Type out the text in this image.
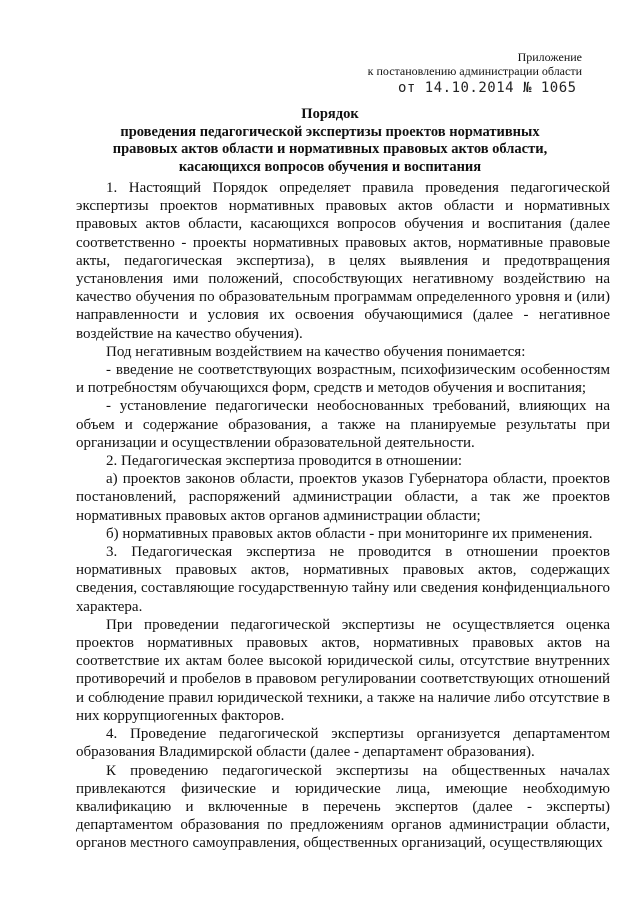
Приложение
к постановлению администрации области
от 14.10.2014 № 1065
Порядок
проведения педагогической экспертизы проектов нормативных
правовых актов области и нормативных правовых актов области,
касающихся вопросов обучения и воспитания

1. Настоящий Порядок определяет правила проведения педагогической экспертизы проектов нормативных правовых актов области и нормативных правовых актов области, касающихся вопросов обучения и воспитания (далее соответственно - проекты нормативных правовых актов, нормативные правовые акты, педагогическая экспертиза), в целях выявления и предотвращения установления ими положений, способствующих негативному воздействию на качество обучения по образовательным программам определенного уровня и (или) направленности и условия их освоения обучающимися (далее - негативное воздействие на качество обучения).

Под негативным воздействием на качество обучения понимается:

- введение не соответствующих возрастным, психофизическим особенностям и потребностям обучающихся форм, средств и методов обучения и воспитания;

- установление педагогически необоснованных требований, влияющих на объем и содержание образования, а также на планируемые результаты при организации и осуществлении образовательной деятельности.

2. Педагогическая экспертиза проводится в отношении:

а) проектов законов области, проектов указов Губернатора области, проектов постановлений, распоряжений администрации области, а так же проектов нормативных правовых актов органов администрации области;

б) нормативных правовых актов области - при мониторинге их применения.

3. Педагогическая экспертиза не проводится в отношении проектов нормативных правовых актов, нормативных правовых актов, содержащих сведения, составляющие государственную тайну или сведения конфиденциального характера.

При проведении педагогической экспертизы не осуществляется оценка проектов нормативных правовых актов, нормативных правовых актов на соответствие их актам более высокой юридической силы, отсутствие внутренних противоречий и пробелов в правовом регулировании соответствующих отношений и соблюдение правил юридической техники, а также на наличие либо отсутствие в них коррупциогенных факторов.

4. Проведение педагогической экспертизы организуется департаментом образования Владимирской области (далее - департамент образования).

К проведению педагогической экспертизы на общественных началах привлекаются физические и юридические лица, имеющие необходимую квалификацию и включенные в перечень экспертов (далее - эксперты) департаментом образования по предложениям органов администрации области, органов местного самоуправления, общественных организаций, осуществляющих
